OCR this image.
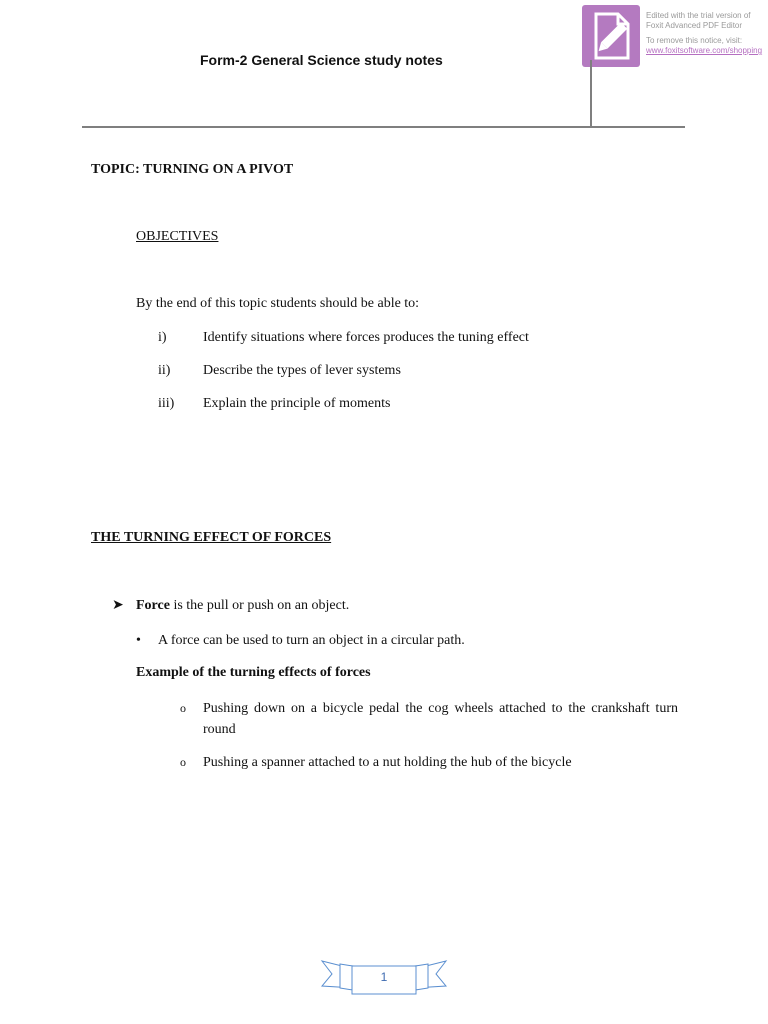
Form-2 General Science study notes
Edited with the trial version of
Foxit Advanced PDF Editor
To remove this notice, visit:
www.foxitsoftware.com/shopping
TOPIC: TURNING ON A PIVOT
OBJECTIVES
By the end of this topic students should be able to:
i)	Identify situations where forces produces the tuning effect
ii)	Describe the types of lever systems
iii)	Explain the principle of moments
THE TURNING EFFECT OF FORCES
➤ Force is the pull or push on an object.
• A force can be used to turn an object in a circular path.
Example of the turning effects of forces
o Pushing down on a bicycle pedal the cog wheels attached to the crankshaft turn round
o Pushing a spanner attached to a nut holding the hub of the bicycle
1
